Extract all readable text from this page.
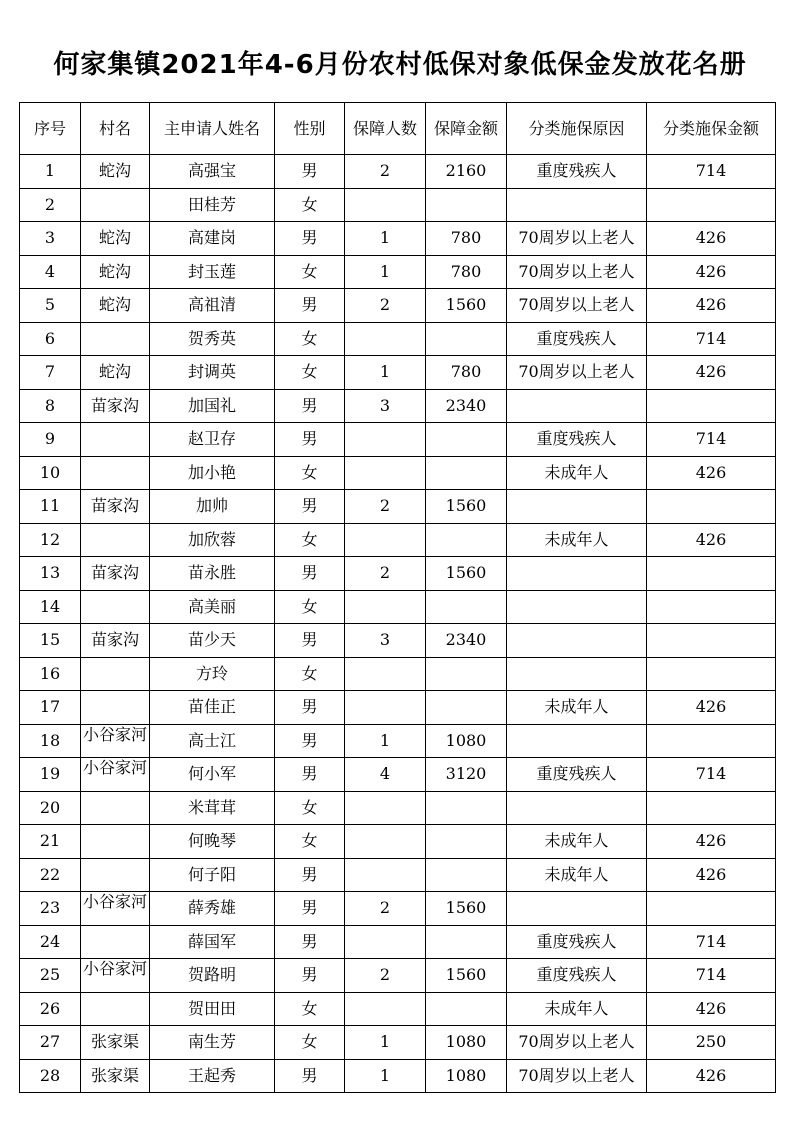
何家集镇2021年4-6月份农村低保对象低保金发放花名册
序号	村名	主申请人姓名	性别	保障人数	保障金额	分类施保原因	分类施保金额
1	蛇沟	高强宝	男	2	2160	重度残疾人	714
2		田桂芳	女				
3	蛇沟	高建岗	男	1	780	70周岁以上老人	426
4	蛇沟	封玉莲	女	1	780	70周岁以上老人	426
5	蛇沟	高祖清	男	2	1560	70周岁以上老人	426
6		贺秀英	女			重度残疾人	714
7	蛇沟	封调英	女	1	780	70周岁以上老人	426
8	苗家沟	加国礼	男	3	2340		
9		赵卫存	男			重度残疾人	714
10		加小艳	女			未成年人	426
11	苗家沟	加帅	男	2	1560		
12		加欣蓉	女			未成年人	426
13	苗家沟	苗永胜	男	2	1560		
14		高美丽	女				
15	苗家沟	苗少天	男	3	2340		
16		方玲	女				
17		苗佳正	男			未成年人	426
18	小谷家河	高士江	男	1	1080		
19	小谷家河	何小军	男	4	3120	重度残疾人	714
20		米茸茸	女				
21		何晚琴	女			未成年人	426
22		何子阳	男			未成年人	426
23	小谷家河	薛秀雄	男	2	1560		
24		薛国军	男			重度残疾人	714
25	小谷家河	贺路明	男	2	1560	重度残疾人	714
26		贺田田	女			未成年人	426
27	张家渠	南生芳	女	1	1080	70周岁以上老人	250
28	张家渠	王起秀	男	1	1080	70周岁以上老人	426
